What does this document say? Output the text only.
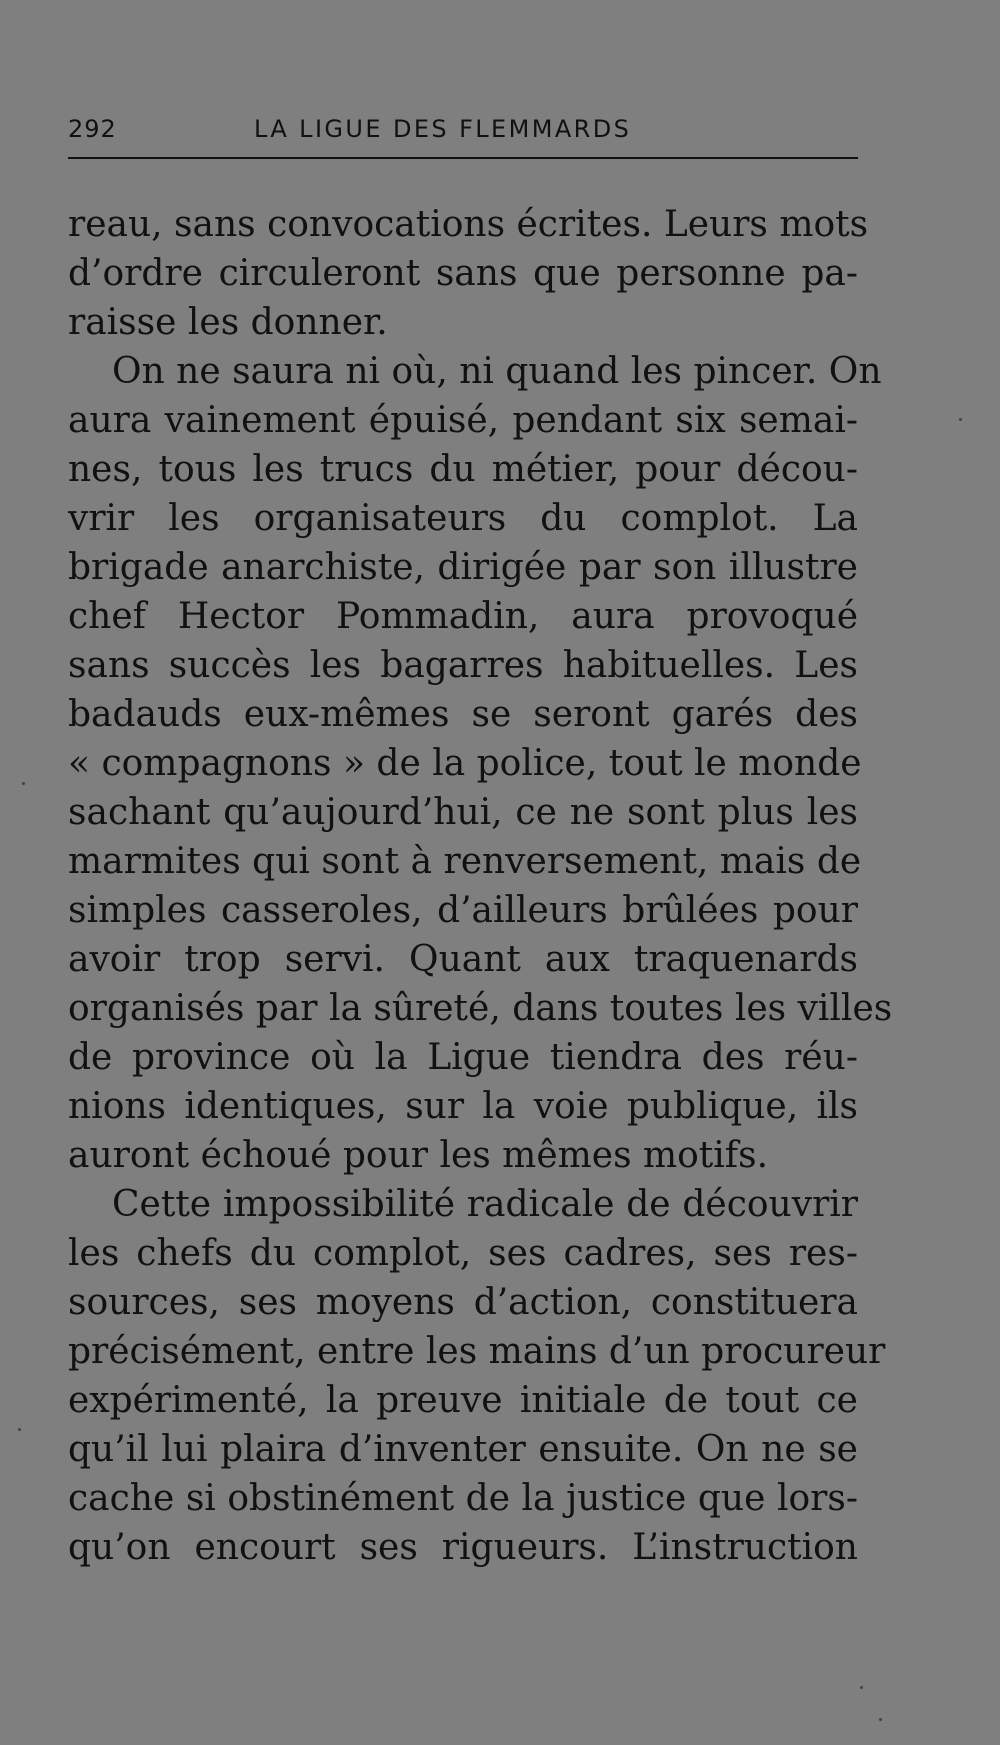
292	LA LIGUE DES FLEMMARDS
reau, sans convocations écrites. Leurs mots
d’ordre circuleront sans que personne pa-
raisse les donner.
On ne saura ni où, ni quand les pincer. On
aura vainement épuisé, pendant six semai-
nes, tous les trucs du métier, pour décou-
vrir les organisateurs du complot. La
brigade anarchiste, dirigée par son illustre
chef Hector Pommadin, aura provoqué
sans succès les bagarres habituelles. Les
badauds eux-mêmes se seront garés des
« compagnons » de la police, tout le monde
sachant qu’aujourd’hui, ce ne sont plus les
marmites qui sont à renversement, mais de
simples casseroles, d’ailleurs brûlées pour
avoir trop servi. Quant aux traquenards
organisés par la sûreté, dans toutes les villes
de province où la Ligue tiendra des réu-
nions identiques, sur la voie publique, ils
auront échoué pour les mêmes motifs.
Cette impossibilité radicale de découvrir
les chefs du complot, ses cadres, ses res-
sources, ses moyens d’action, constituera
précisément, entre les mains d’un procureur
expérimenté, la preuve initiale de tout ce
qu’il lui plaira d’inventer ensuite. On ne se
cache si obstinément de la justice que lors-
qu’on encourt ses rigueurs. L’instruction
